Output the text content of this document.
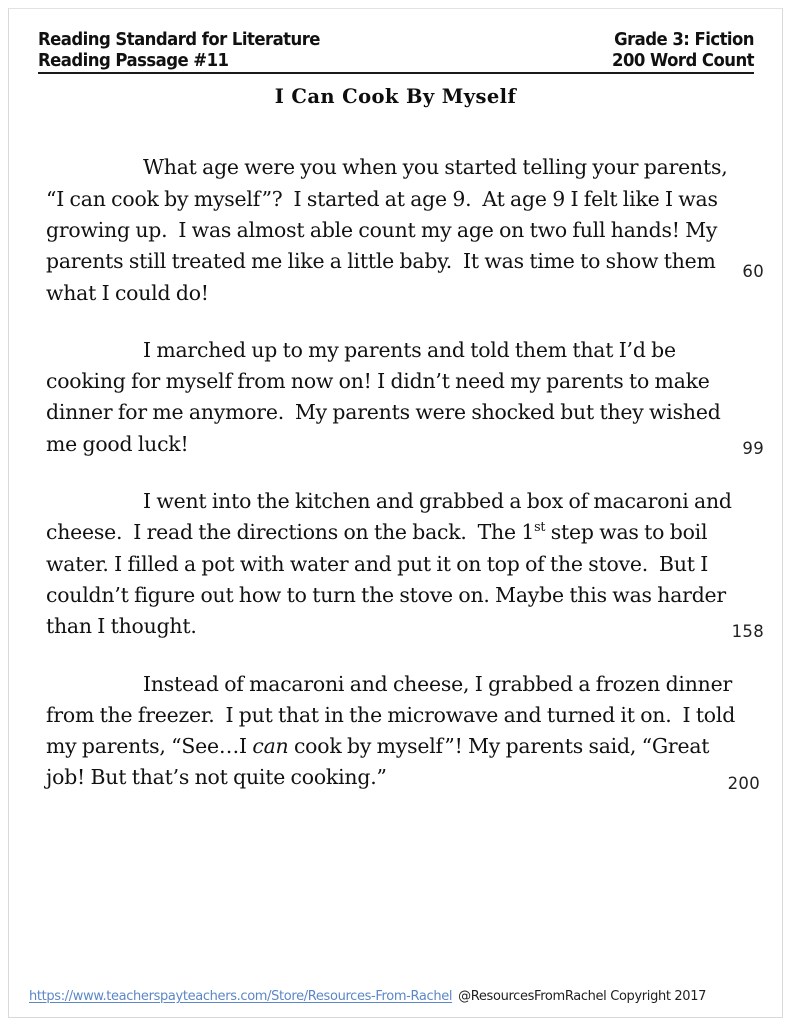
Reading Standard for Literature	Grade 3: Fiction
Reading Passage #11	200 Word Count
I Can Cook By Myself

What age were you when you started telling your parents, “I can cook by myself”?  I started at age 9.  At age 9 I felt like I was growing up.  I was almost able count my age on two full hands! My parents still treated me like a little baby.  It was time to show them what I could do!

60

I marched up to my parents and told them that I’d be cooking for myself from now on! I didn’t need my parents to make dinner for me anymore.  My parents were shocked but they wished me good luck!	99

I went into the kitchen and grabbed a box of macaroni and cheese.  I read the directions on the back.  The 1st step was to boil water. I filled a pot with water and put it on top of the stove.  But I couldn’t figure out how to turn the stove on. Maybe this was harder than I thought.	158

Instead of macaroni and cheese, I grabbed a frozen dinner from the freezer.  I put that in the microwave and turned it on.  I told my parents, “See…I can cook by myself”! My parents said, “Great job! But that’s not quite cooking.”	200
https://www.teacherspayteachers.com/Store/Resources-From-Rachel @ResourcesFromRachel Copyright 2017
